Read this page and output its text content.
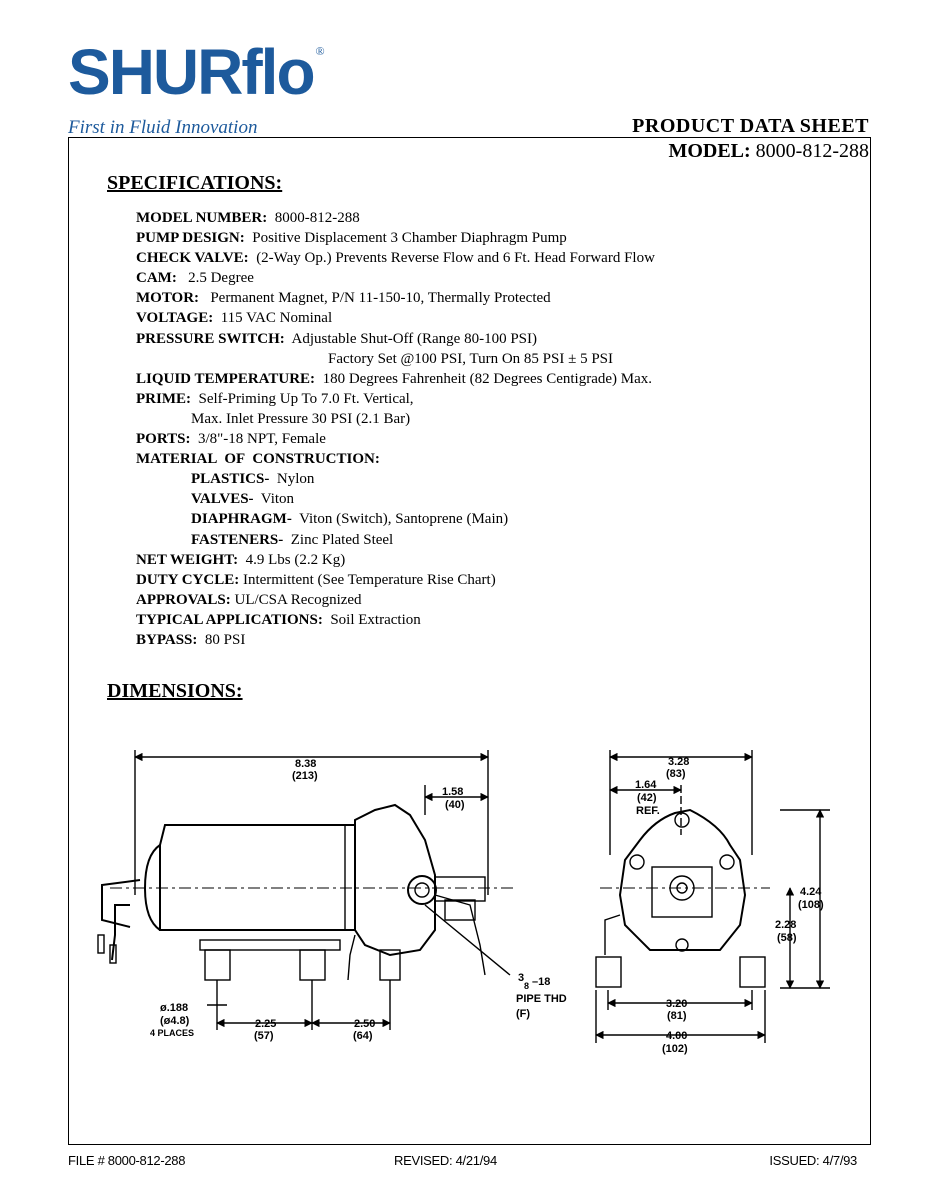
SHURflo ®
First in Fluid Innovation	PRODUCT DATA SHEET
MODEL: 8000-812-288
SPECIFICATIONS:
MODEL NUMBER: 8000-812-288
PUMP DESIGN: Positive Displacement 3 Chamber Diaphragm Pump
CHECK VALVE: (2-Way Op.) Prevents Reverse Flow and 6 Ft. Head Forward Flow
CAM: 2.5 Degree
MOTOR: Permanent Magnet, P/N 11-150-10, Thermally Protected
VOLTAGE: 115 VAC Nominal
PRESSURE SWITCH: Adjustable Shut-Off (Range 80-100 PSI)
Factory Set @100 PSI, Turn On 85 PSI ± 5 PSI
LIQUID TEMPERATURE: 180 Degrees Fahrenheit (82 Degrees Centigrade) Max.
PRIME: Self-Priming Up To 7.0 Ft. Vertical,
Max. Inlet Pressure 30 PSI (2.1 Bar)
PORTS: 3/8"-18 NPT, Female
MATERIAL OF CONSTRUCTION:
PLASTICS- Nylon
VALVES- Viton
DIAPHRAGM- Viton (Switch), Santoprene (Main)
FASTENERS- Zinc Plated Steel
NET WEIGHT: 4.9 Lbs (2.2 Kg)
DUTY CYCLE: Intermittent (See Temperature Rise Chart)
APPROVALS: UL/CSA Recognized
TYPICAL APPLICATIONS: Soil Extraction
BYPASS: 80 PSI
DIMENSIONS:
8.38
(213)
1.58
(40)
ø.188
(ø4.8)
4 PLACES
2.25
(57)
2.50
(64)
3
8 –18
PIPE THD
(F)
3.28
(83)
1.64
(42)
REF.
4.24
(108)
2.28
(58)
3.20
(81)
4.00
(102)
FILE # 8000-812-288	REVISED: 4/21/94	ISSUED: 4/7/93
